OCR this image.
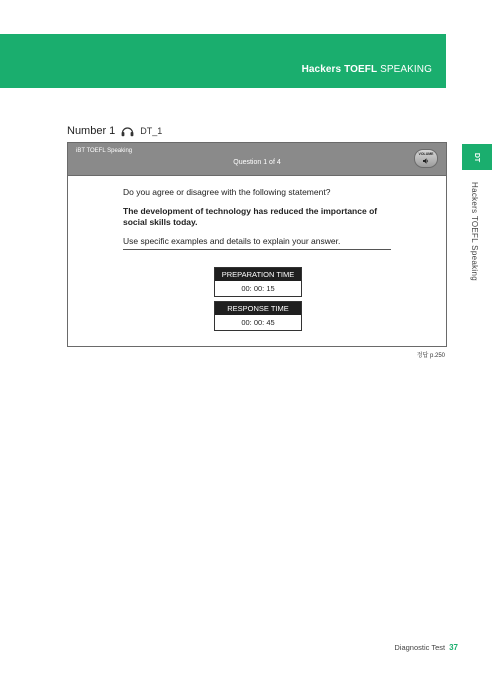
Hackers TOEFL SPEAKING
DT
Hackers TOEFL Speaking
Number 1	DT_1
iBT TOEFL Speaking
Question 1 of 4
VOLUME

Do you agree or disagree with the following statement?

The development of technology has reduced the importance of social skills today.

Use specific examples and details to explain your answer.

PREPARATION TIME
00: 00: 15
RESPONSE TIME
00: 00: 45
정답 p.250
Diagnostic Test 37
